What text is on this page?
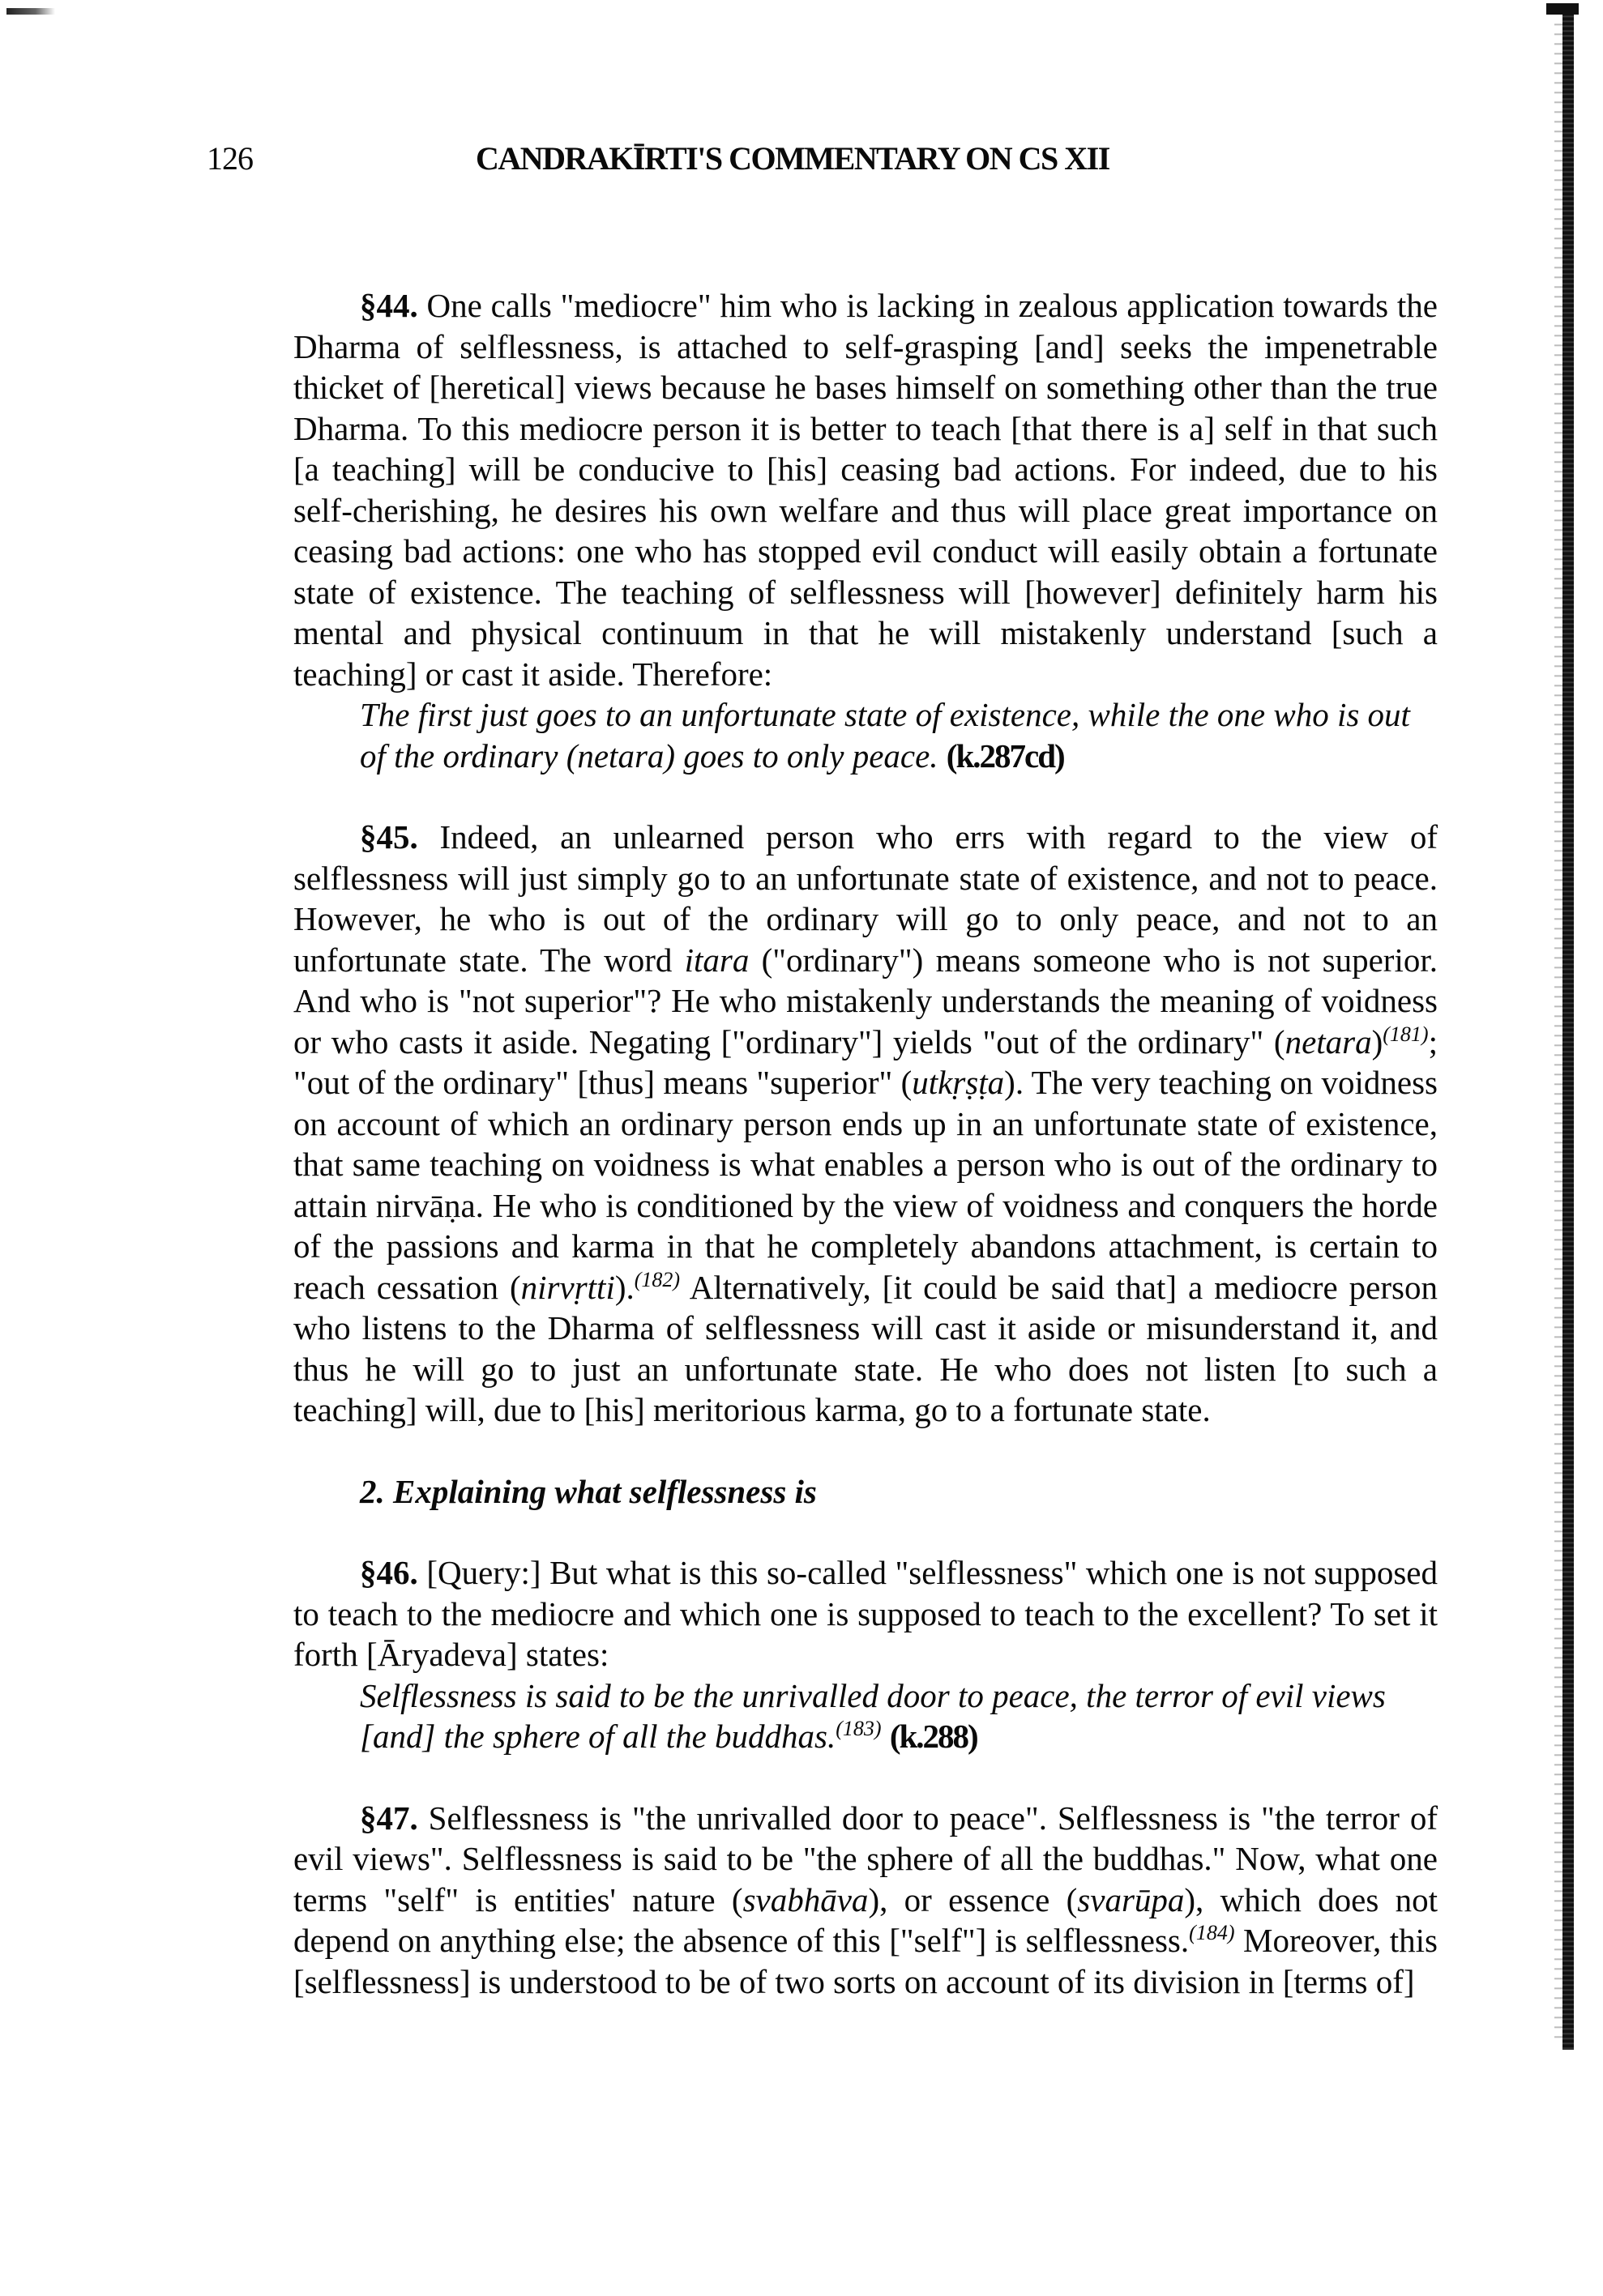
126	CANDRAKĪRTI'S COMMENTARY ON CS XII

§44. One calls "mediocre" him who is lacking in zealous application towards the Dharma of selflessness, is attached to self-grasping [and] seeks the impenetrable thicket of [heretical] views because he bases himself on something other than the true Dharma. To this mediocre person it is better to teach [that there is a] self in that such [a teaching] will be conducive to [his] ceasing bad actions. For indeed, due to his self-cherishing, he desires his own welfare and thus will place great importance on ceasing bad actions: one who has stopped evil conduct will easily obtain a fortunate state of existence. The teaching of selflessness will [however] definitely harm his mental and physical continuum in that he will mistakenly understand [such a teaching] or cast it aside. Therefore:

The first just goes to an unfortunate state of existence, while the one who is out of the ordinary (netara) goes to only peace. (k.287cd)

§45. Indeed, an unlearned person who errs with regard to the view of selflessness will just simply go to an unfortunate state of existence, and not to peace. However, he who is out of the ordinary will go to only peace, and not to an unfortunate state. The word itara ("ordinary") means someone who is not superior. And who is "not superior"? He who mistakenly understands the meaning of voidness or who casts it aside. Negating ["ordinary"] yields "out of the ordinary" (netara)$^{(181)}$; "out of the ordinary" [thus] means "superior" (utkṛṣṭa). The very teaching on voidness on account of which an ordinary person ends up in an unfortunate state of existence, that same teaching on voidness is what enables a person who is out of the ordinary to attain nirvāṇa. He who is conditioned by the view of voidness and conquers the horde of the passions and karma in that he completely abandons attachment, is certain to reach cessation (nirvṛtti).$^{(182)}$ Alternatively, [it could be said that] a mediocre person who listens to the Dharma of selflessness will cast it aside or misunderstand it, and thus he will go to just an unfortunate state. He who does not listen [to such a teaching] will, due to [his] meritorious karma, go to a fortunate state.

2. Explaining what selflessness is

§46. [Query:] But what is this so-called "selflessness" which one is not supposed to teach to the mediocre and which one is supposed to teach to the excellent? To set it forth [Āryadeva] states:

Selflessness is said to be the unrivalled door to peace, the terror of evil views [and] the sphere of all the buddhas.$^{(183)}$ (k.288)

§47. Selflessness is "the unrivalled door to peace". Selflessness is "the terror of evil views". Selflessness is said to be "the sphere of all the buddhas." Now, what one terms "self" is entities' nature (svabhāva), or essence (svarūpa), which does not depend on anything else; the absence of this ["self"] is selflessness.$^{(184)}$ Moreover, this [selflessness] is understood to be of two sorts on account of its division in [terms of]
